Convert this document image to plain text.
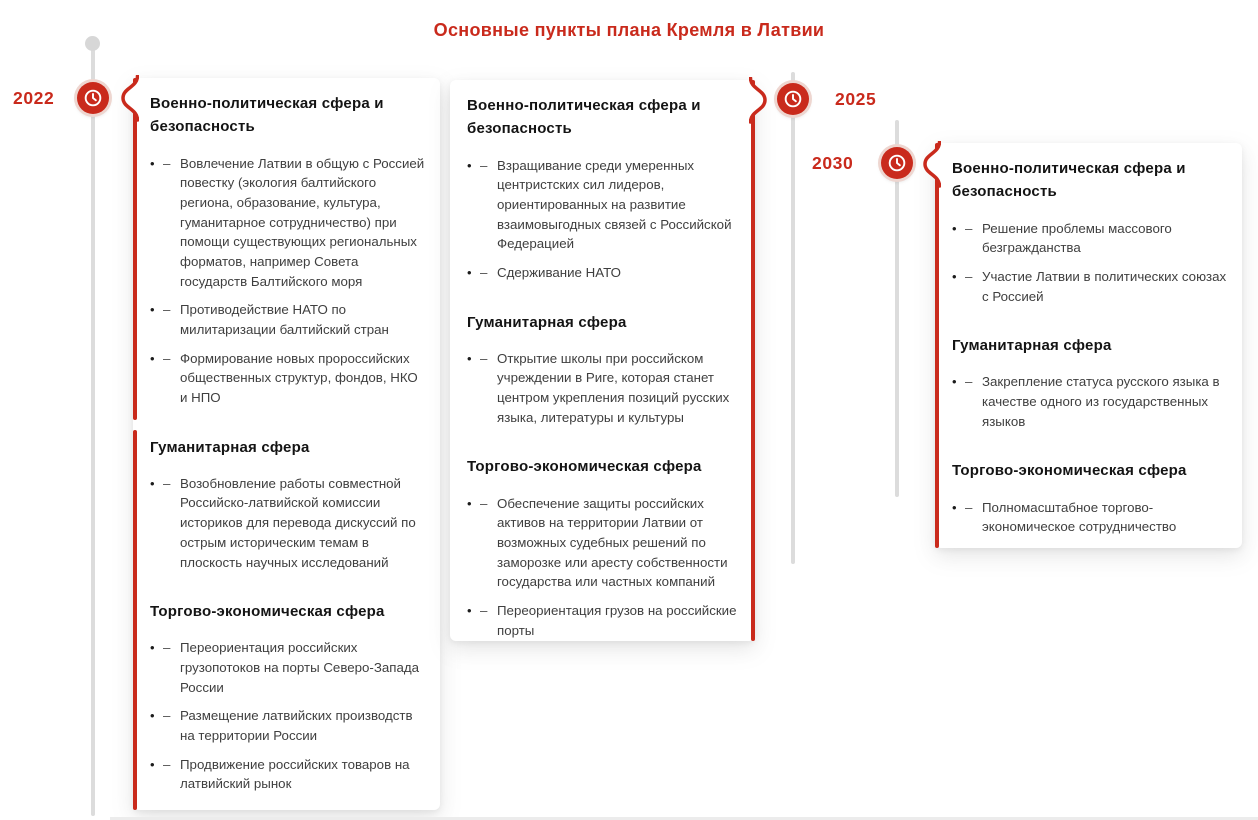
Основные пункты плана Кремля в Латвии
2022	2025
2030
Военно-политическая сфера и безопасность
• – Вовлечение Латвии в общую с Россией повестку (экология балтийского региона, образование, культура, гуманитарное сотрудничество) при помощи существующих региональных форматов, например Совета государств Балтийского моря
• – Противодействие НАТО по милитаризации балтийский стран
• – Формирование новых пророссийских общественных структур, фондов, НКО и НПО
Гуманитарная сфера
• – Возобновление работы совместной Российско-латвийской комиссии историков для перевода дискуссий по острым историческим темам в плоскость научных исследований
Торгово-экономическая сфера
• – Переориентация российских грузопотоков на порты Северо-Запада России
• – Размещение латвийских производств на территории России
• – Продвижение российских товаров на латвийский рынок
Военно-политическая сфера и безопасность
• – Взращивание среди умеренных центристских сил лидеров, ориентированных на развитие взаимовыгодных связей с Российской Федерацией
• – Сдерживание НАТО
Гуманитарная сфера
• – Открытие школы при российском учреждении в Риге, которая станет центром укрепления позиций русских языка, литературы и культуры
Торгово-экономическая сфера
• – Обеспечение защиты российских активов на территории Латвии от возможных судебных решений по заморозке или аресту собственности государства или частных компаний
• – Переориентация грузов на российские порты
Военно-политическая сфера и безопасность
• – Решение проблемы массового безгражданства
• – Участие Латвии в политических союзах с Россией
Гуманитарная сфера
• – Закрепление статуса русского языка в качестве одного из государственных языков
Торгово-экономическая сфера
• – Полномасштабное торгово-экономическое сотрудничество
